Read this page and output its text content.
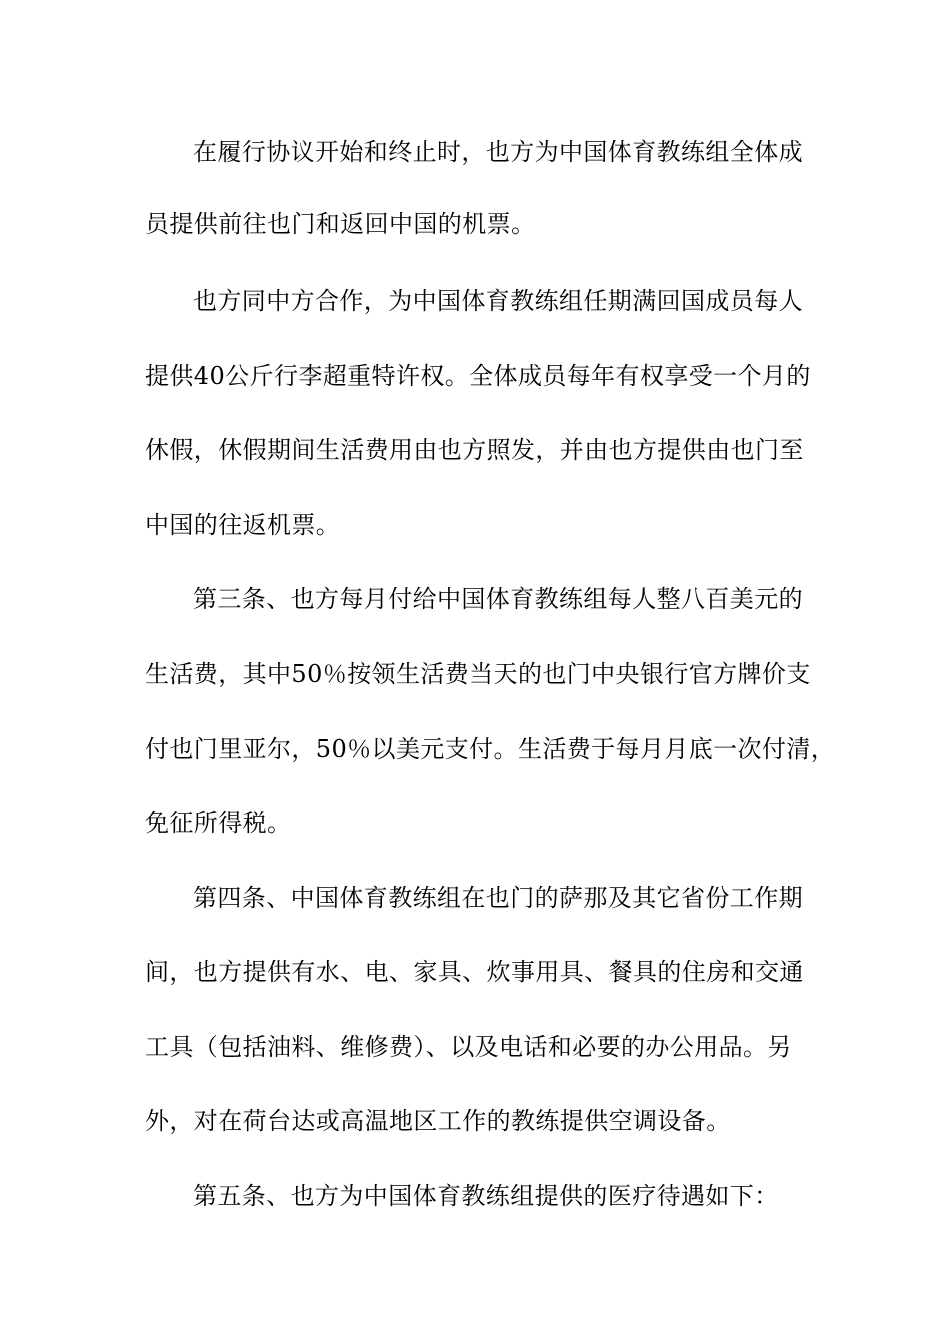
在履行协议开始和终止时，也方为中国体育教练组全体成
员提供前往也门和返回中国的机票。
也方同中方合作，为中国体育教练组任期满回国成员每人
提供40公斤行李超重特许权。全体成员每年有权享受一个月的
休假，休假期间生活费用由也方照发，并由也方提供由也门至
中国的往返机票。
第三条、也方每月付给中国体育教练组每人整八百美元的
生活费，其中50％按领生活费当天的也门中央银行官方牌价支
付也门里亚尔，50％以美元支付。生活费于每月月底一次付清，
免征所得税。
第四条、中国体育教练组在也门的萨那及其它省份工作期
间，也方提供有水、电、家具、炊事用具、餐具的住房和交通
工具（包括油料、维修费）、以及电话和必要的办公用品。另
外，对在荷台达或高温地区工作的教练提供空调设备。
第五条、也方为中国体育教练组提供的医疗待遇如下：
